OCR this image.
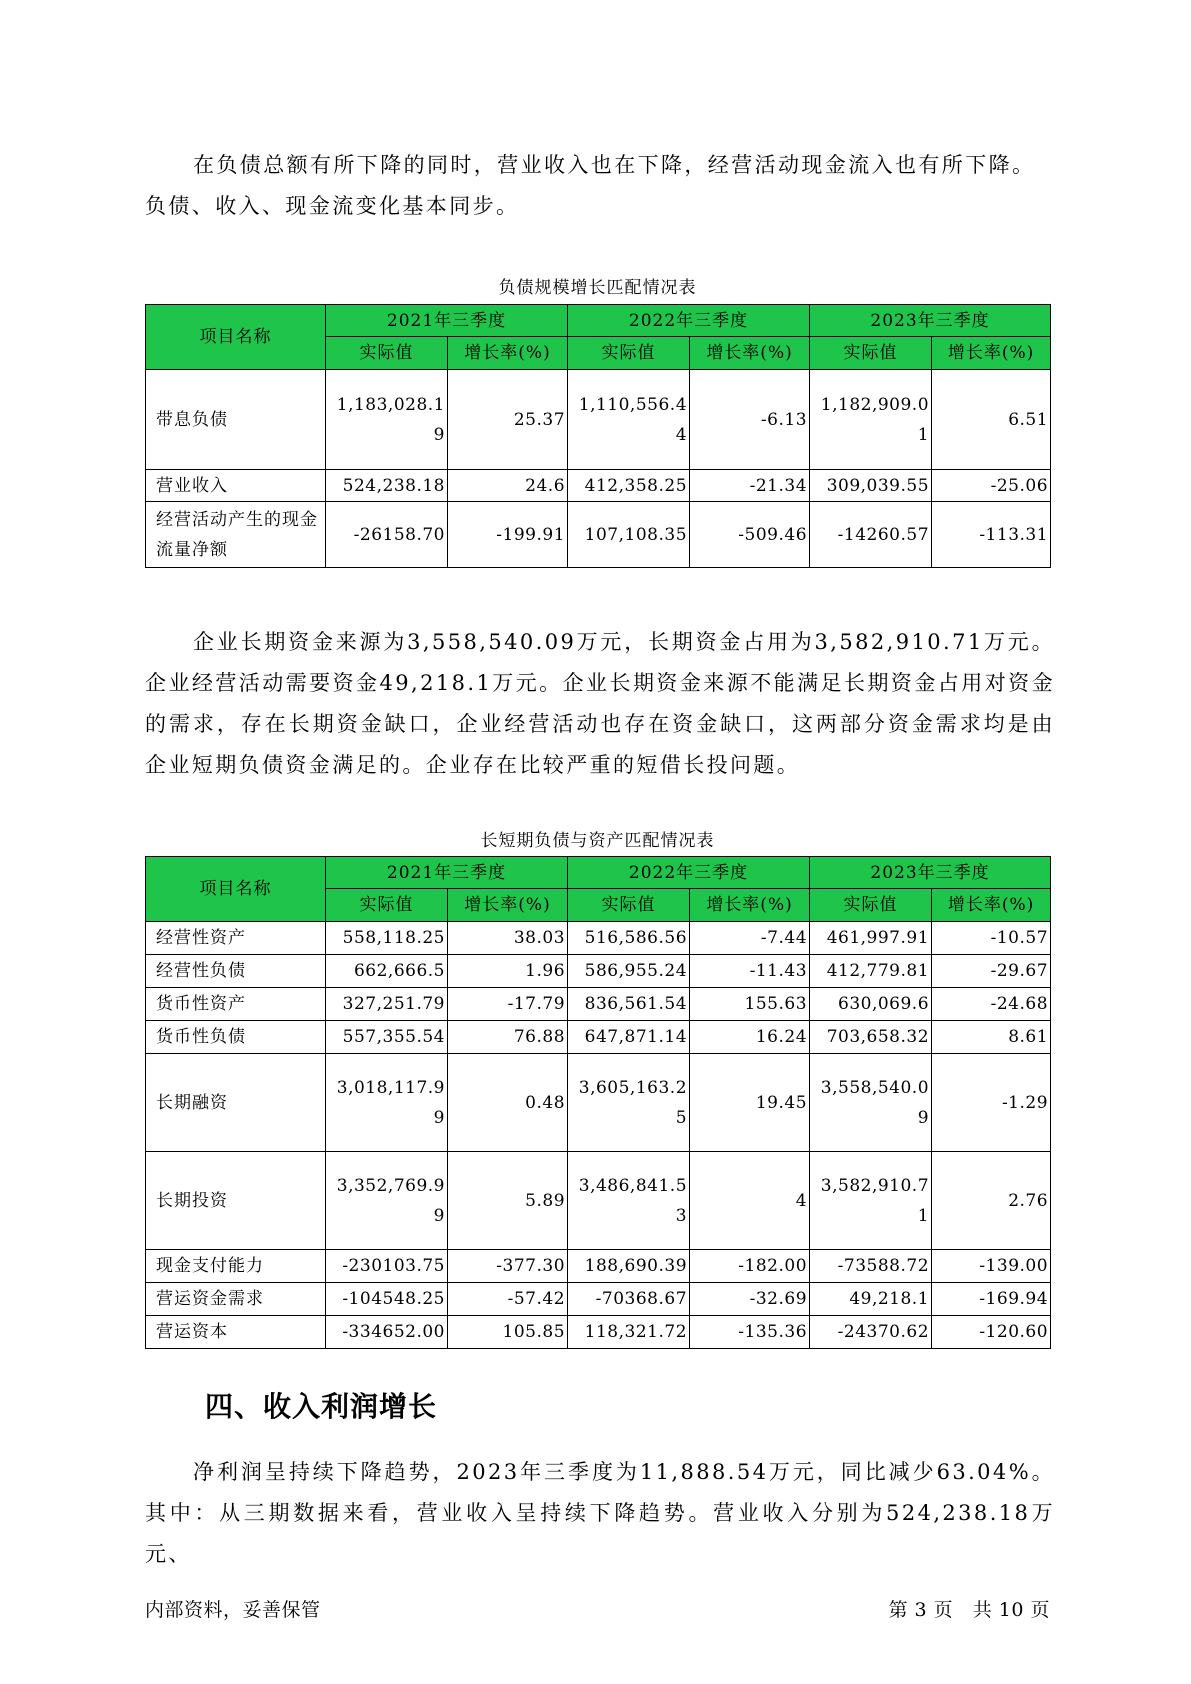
在负债总额有所下降的同时，营业收入也在下降，经营活动现金流入也有所下降。

负债、收入、现金流变化基本同步。

负债规模增长匹配情况表

项目名称	2021年三季度		2022年三季度		2023年三季度	
	实际值	增长率(%)	实际值	增长率(%)	实际值	增长率(%)
带息负债	1,183,028.19	25.37	1,110,556.44	-6.13	1,182,909.01	6.51
营业收入	524,238.18	24.6	412,358.25	-21.34	309,039.55	-25.06
经营活动产生的现金流量净额	-26158.70	-199.91	107,108.35	-509.46	-14260.57	-113.31

企业长期资金来源为3,558,540.09万元，长期资金占用为3,582,910.71万元。企业经营活动需要资金49,218.1万元。企业长期资金来源不能满足长期资金占用对资金的需求，存在长期资金缺口，企业经营活动也存在资金缺口，这两部分资金需求均是由企业短期负债资金满足的。企业存在比较严重的短借长投问题。

长短期负债与资产匹配情况表

项目名称	2021年三季度		2022年三季度		2023年三季度	
	实际值	增长率(%)	实际值	增长率(%)	实际值	增长率(%)
经营性资产	558,118.25	38.03	516,586.56	-7.44	461,997.91	-10.57
经营性负债	662,666.5	1.96	586,955.24	-11.43	412,779.81	-29.67
货币性资产	327,251.79	-17.79	836,561.54	155.63	630,069.6	-24.68
货币性负债	557,355.54	76.88	647,871.14	16.24	703,658.32	8.61
长期融资	3,018,117.99	0.48	3,605,163.25	19.45	3,558,540.09	-1.29
长期投资	3,352,769.99	5.89	3,486,841.53	4	3,582,910.71	2.76
现金支付能力	-230103.75	-377.30	188,690.39	-182.00	-73588.72	-139.00
营运资金需求	-104548.25	-57.42	-70368.67	-32.69	49,218.1	-169.94
营运资本	-334652.00	105.85	118,321.72	-135.36	-24370.62	-120.60
四、收入利润增长

净利润呈持续下降趋势，2023年三季度为11,888.54万元，同比减少63.04%。其中：从三期数据来看，营业收入呈持续下降趋势。营业收入分别为524,238.18万元、

内部资料，妥善保管	第 3 页   共 10 页
